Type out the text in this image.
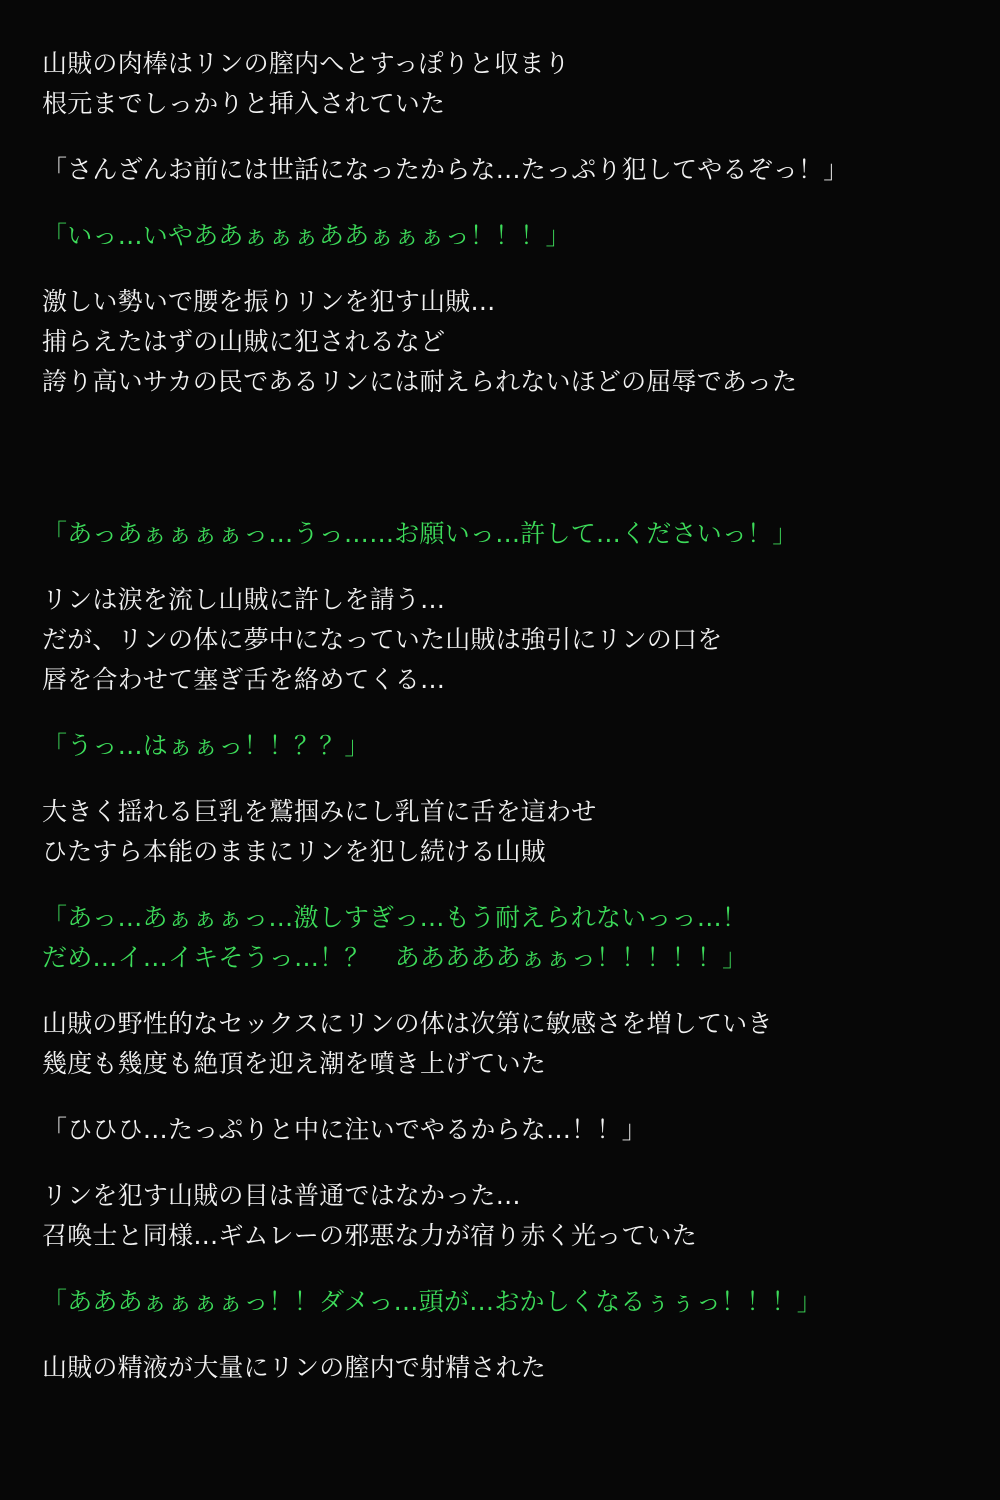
山賊の肉棒はリンの膣内へとすっぽりと収まり
根元までしっかりと挿入されていた
「さんざんお前には世話になったからな…たっぷり犯してやるぞっ！」
「いっ…いやああぁぁぁああぁぁぁっ！！！」
激しい勢いで腰を振りリンを犯す山賊…
捕らえたはずの山賊に犯されるなど
誇り高いサカの民であるリンには耐えられないほどの屈辱であった
「あっあぁぁぁぁっ…うっ……お願いっ…許して…くださいっ！」
リンは涙を流し山賊に許しを請う…
だが、リンの体に夢中になっていた山賊は強引にリンの口を
唇を合わせて塞ぎ舌を絡めてくる…
「うっ…はぁぁっ！！？？」
大きく揺れる巨乳を鷲掴みにし乳首に舌を這わせ
ひたすら本能のままにリンを犯し続ける山賊
「あっ…あぁぁぁっ…激しすぎっ…もう耐えられないっっ…！
だめ…イ…イキそうっ…！？　あああああぁぁっ！！！！！」
山賊の野性的なセックスにリンの体は次第に敏感さを増していき
幾度も幾度も絶頂を迎え潮を噴き上げていた
「ひひひ…たっぷりと中に注いでやるからな…！！」
リンを犯す山賊の目は普通ではなかった…
召喚士と同様…ギムレーの邪悪な力が宿り赤く光っていた
「あああぁぁぁぁっ！！ダメっ…頭が…おかしくなるぅぅっ！！！」
山賊の精液が大量にリンの膣内で射精された
